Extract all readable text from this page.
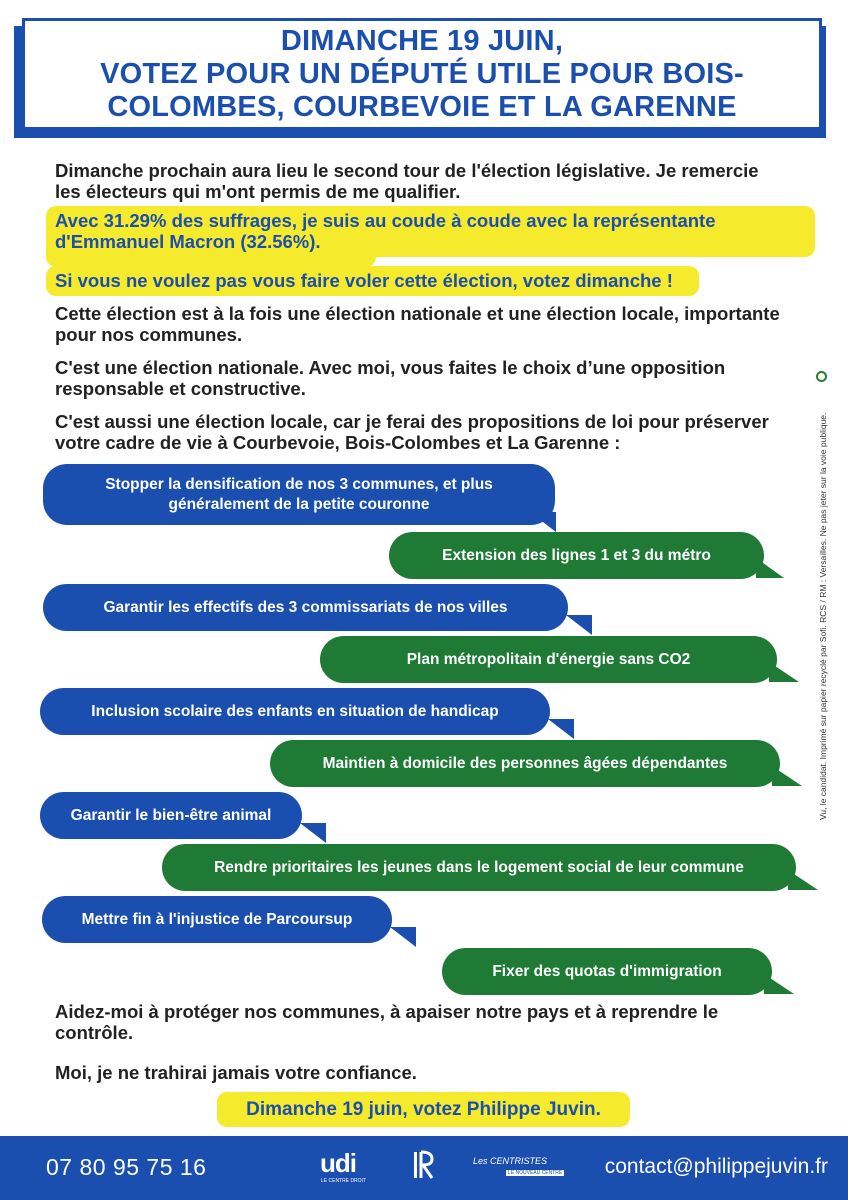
DIMANCHE 19 JUIN,
VOTEZ POUR UN DÉPUTÉ UTILE POUR BOIS-
COLOMBES, COURBEVOIE ET LA GARENNE
Dimanche prochain aura lieu le second tour de l'élection législative. Je remercie les électeurs qui m'ont permis de me qualifier.
Avec 31.29% des suffrages, je suis au coude à coude avec la représentante
d'Emmanuel Macron (32.56%).
Si vous ne voulez pas vous faire voler cette élection, votez dimanche !
Cette élection est à la fois une élection nationale et une élection locale, importante pour nos communes.
C'est une élection nationale. Avec moi, vous faites le choix d’une opposition responsable et constructive.
C'est aussi une élection locale, car je ferai des propositions de loi pour préserver votre cadre de vie à Courbevoie, Bois-Colombes et La Garenne :
Stopper la densification de nos 3 communes, et plus généralement de la petite couronne
Extension des lignes 1 et 3 du métro
Garantir les effectifs des 3 commissariats de nos villes
Plan métropolitain d'énergie sans CO2
Inclusion scolaire des enfants en situation de handicap
Maintien à domicile des personnes âgées dépendantes
Garantir le bien-être animal
Rendre prioritaires les jeunes dans le logement social de leur commune
Mettre fin à l'injustice de Parcoursup
Fixer des quotas d'immigration
Aidez-moi à protéger nos communes, à apaiser notre pays et à reprendre le contrôle.
Moi, je ne trahirai jamais votre confiance.
Dimanche 19 juin, votez Philippe Juvin.
07 80 95 75 16	udi
LE CENTRE DROIT
Les CENTRISTES
LE NOUVEAU CENTRE contact@philippejuvin.fr
Vu, le candidat. Imprimé sur papier recyclé par Sofi. RCS / RM : Versailles. Ne pas jeter sur la voie publique.
